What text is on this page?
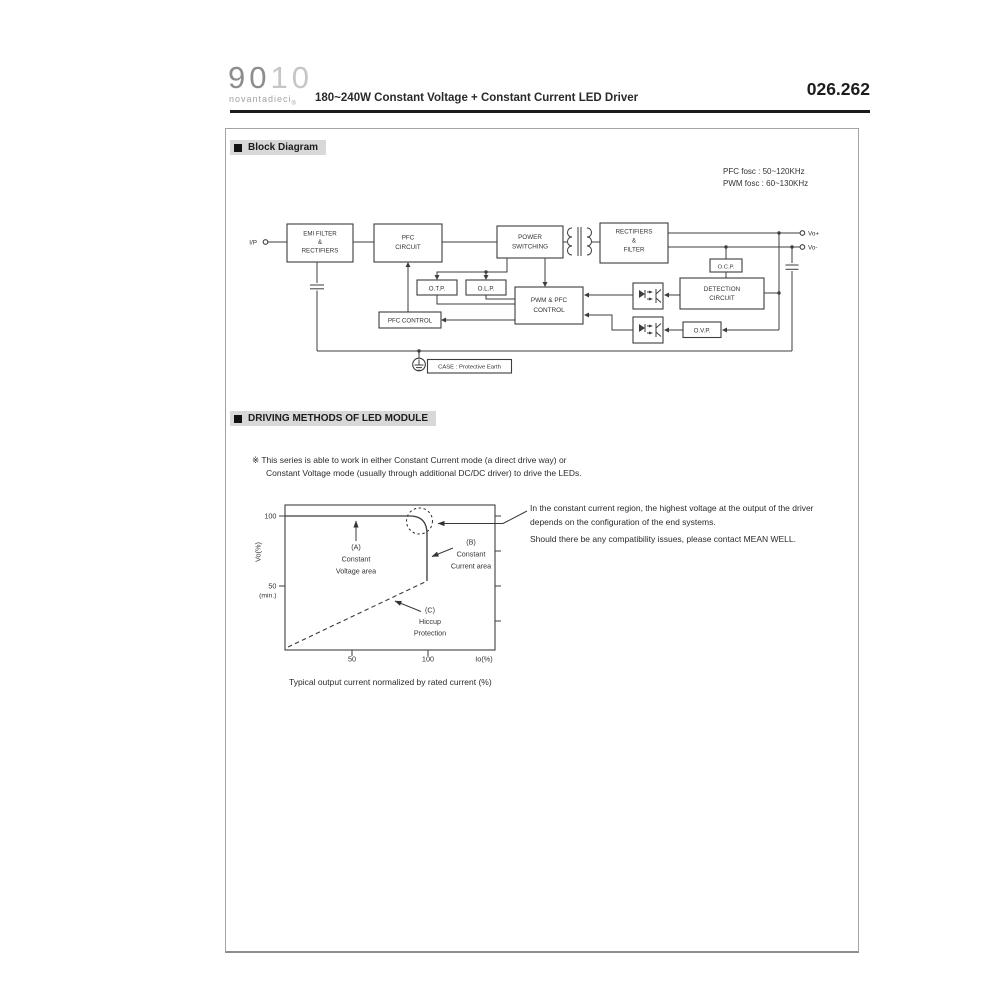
9010
novantadieci$_®$ 180~240W Constant Voltage + Constant Current LED Driver	026.262
Block Diagram
PFC fosc : 50~120KHz
PWM fosc : 60~130KHz
I/P
EMI FILTER
&
RECTIFIERS
PFC
CIRCUIT
POWER
SWITCHING
RECTIFIERS
&
FILTER
Vo+
Vo-
O.C.P.
DETECTION
CIRCUIT
O.T.P.	O.L.P.
PWM & PFC
CONTROL
PFC CONTROL
O.V.P.
CASE : Protective Earth
DRIVING METHODS OF LED MODULE
※ This series is able to work in either Constant Current mode (a direct drive way) or
Constant Voltage mode (usually through additional DC/DC driver) to drive the LEDs.
100
50
(min.)
Vo(%)
50	100	Io(%)
(A)
Constant
Voltage area
(B)
Constant
Current area
(C)
Hiccup
Protection
In the constant current region, the highest voltage at the output of the driver
depends on the configuration of the end systems.
Should there be any compatibility issues, please contact MEAN WELL.
Typical output current normalized by rated current (%)
